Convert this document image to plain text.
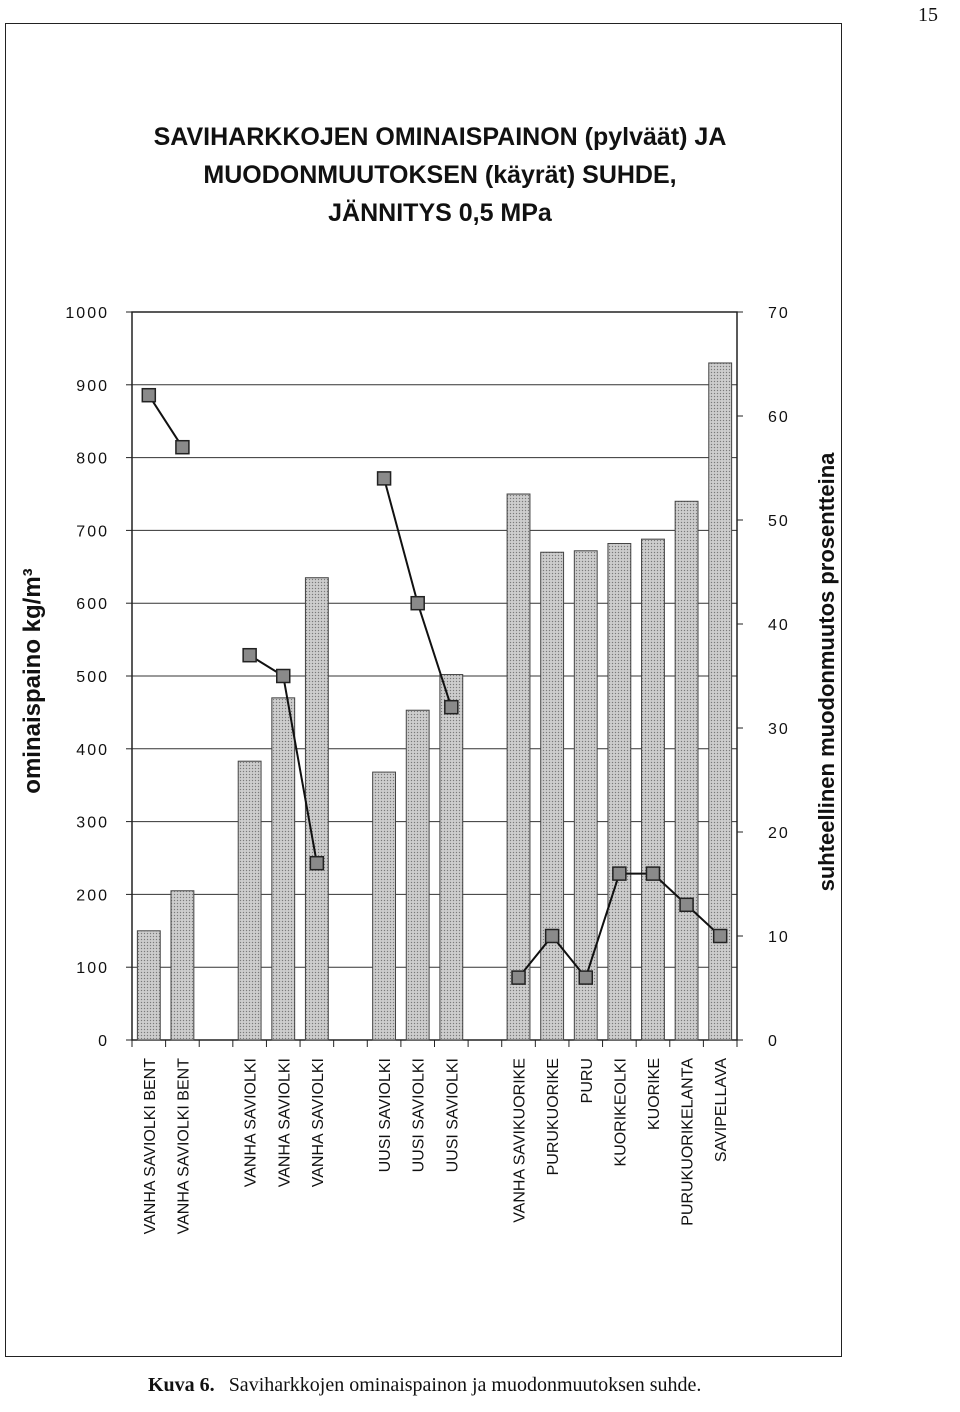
15
SAVIHARKKOJEN OMINAISPAINON (pylväät) JA
MUODONMUUTOKSEN (käyrät) SUHDE,
JÄNNITYS 0,5 MPa
0
100
200
300
400
500
600
700
800
900
1000
0
10
20
30
40
50
60
70
VANHA SAVIOLKI BENT VANHA SAVIOLKI BENT	VANHA SAVIOLKI VANHA SAVIOLKI VANHA SAVIOLKI	UUSI SAVIOLKI UUSI SAVIOLKI UUSI SAVIOLKI	VANHA SAVIKUORIKE PURUKUORIKE PURU KUORIKEOLKI KUORIKE PURUKUORIKELANTA SAVIPELLAVA
ominaispaino kg/m³	suhteellinen muodonmuutos prosentteina
Kuva 6. Saviharkkojen ominaispainon ja muodonmuutoksen suhde.
